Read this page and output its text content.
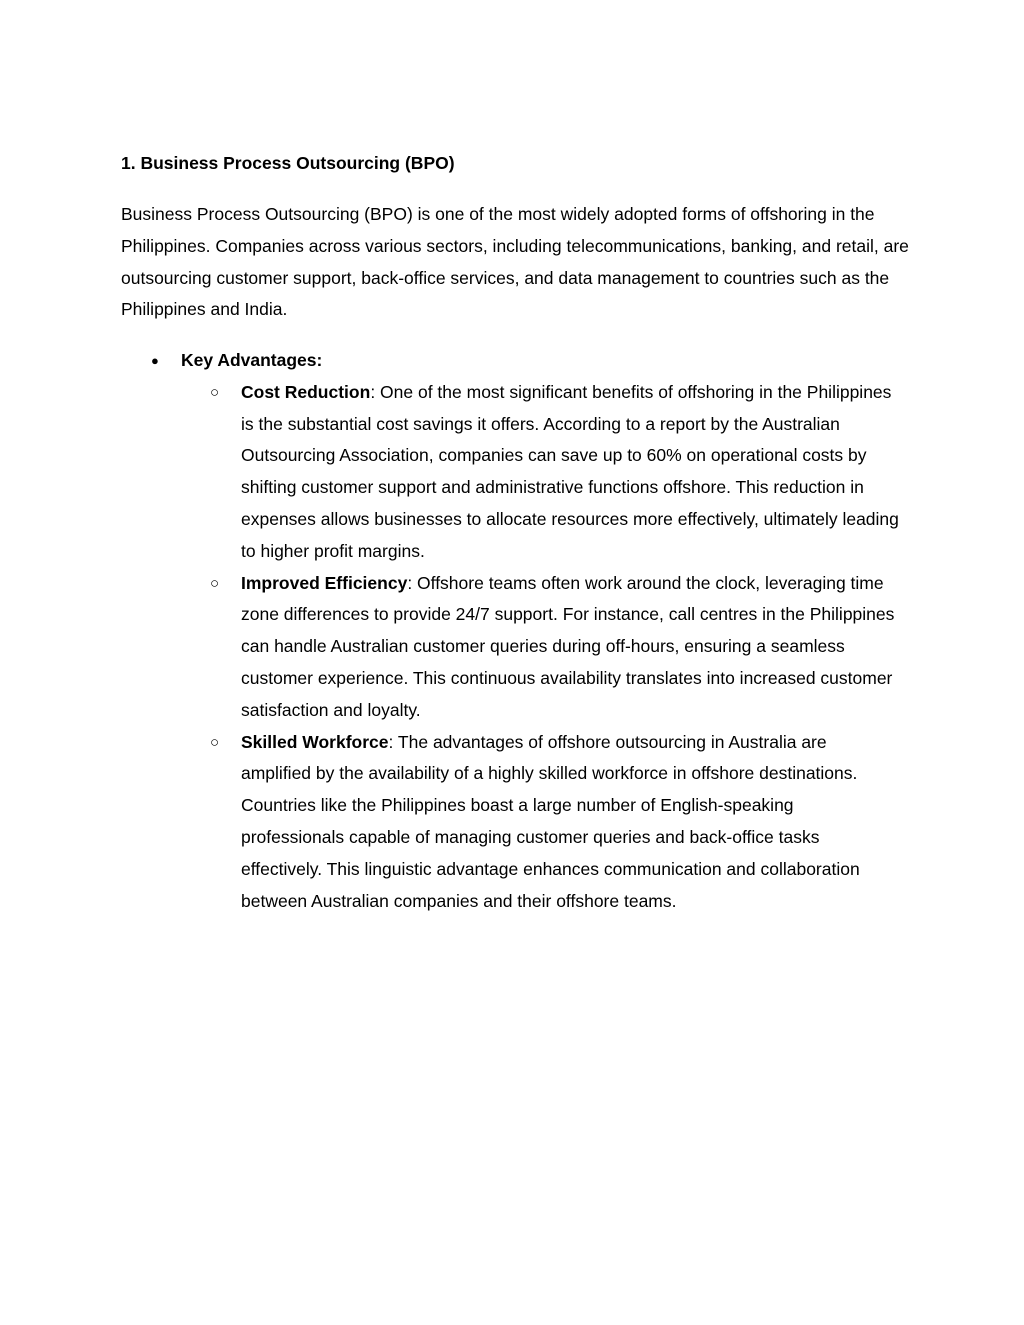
1. Business Process Outsourcing (BPO)

Business Process Outsourcing (BPO) is one of the most widely adopted forms of offshoring in the Philippines. Companies across various sectors, including telecommunications, banking, and retail, are outsourcing customer support, back-office services, and data management to countries such as the Philippines and India.

● Key Advantages:
○ Cost Reduction: One of the most significant benefits of offshoring in the Philippines is the substantial cost savings it offers. According to a report by the Australian Outsourcing Association, companies can save up to 60% on operational costs by shifting customer support and administrative functions offshore. This reduction in expenses allows businesses to allocate resources more effectively, ultimately leading to higher profit margins.
○ Improved Efficiency: Offshore teams often work around the clock, leveraging time zone differences to provide 24/7 support. For instance, call centres in the Philippines can handle Australian customer queries during off-hours, ensuring a seamless customer experience. This continuous availability translates into increased customer satisfaction and loyalty.
○ Skilled Workforce: The advantages of offshore outsourcing in Australia are amplified by the availability of a highly skilled workforce in offshore destinations. Countries like the Philippines boast a large number of English-speaking professionals capable of managing customer queries and back-office tasks effectively. This linguistic advantage enhances communication and collaboration between Australian companies and their offshore teams.
